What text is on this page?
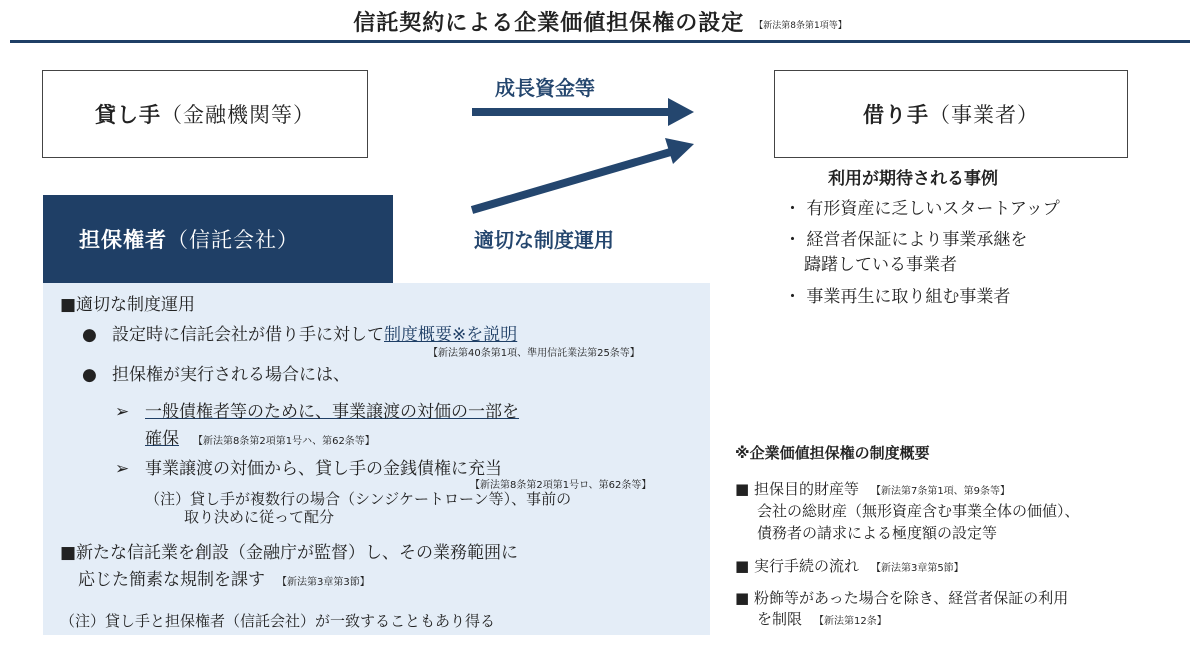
信託契約による企業価値担保権の設定 【新法第8条第1項等】
貸し手 （金融機関等）	借り手 （事業者）
成長資金等
適切な制度運用
担保権者 （信託会社）
■適切な制度運用
● 設定時に信託会社が借り手に対して制度概要※を説明
【新法第40条第1項、準用信託業法第25条等】
● 担保権が実行される場合には、
➢ 一般債権者等のために、事業譲渡の対価の一部を
確保 【新法第8条第2項第1号ハ、第62条等】
➢ 事業譲渡の対価から、貸し手の金銭債権に充当
【新法第8条第2項第1号ロ、第62条等】
（注）貸し手が複数行の場合（シンジケートローン等）、事前の
取り決めに従って配分
■新たな信託業を創設（金融庁が監督）し、その業務範囲に
応じた簡素な規制を課す 【新法第3章第3節】
（注）貸し手と担保権者（信託会社）が一致することもあり得る
利用が期待される事例
・ 有形資産に乏しいスタートアップ
・ 経営者保証により事業承継を
躊躇している事業者
・ 事業再生に取り組む事業者
※企業価値担保権の制度概要
■ 担保目的財産等 【新法第7条第1項、第9条等】
会社の総財産（無形資産含む事業全体の価値）、
債務者の請求による極度額の設定等
■ 実行手続の流れ 【新法第3章第5節】
■ 粉飾等があった場合を除き、経営者保証の利用
を制限 【新法第12条】
